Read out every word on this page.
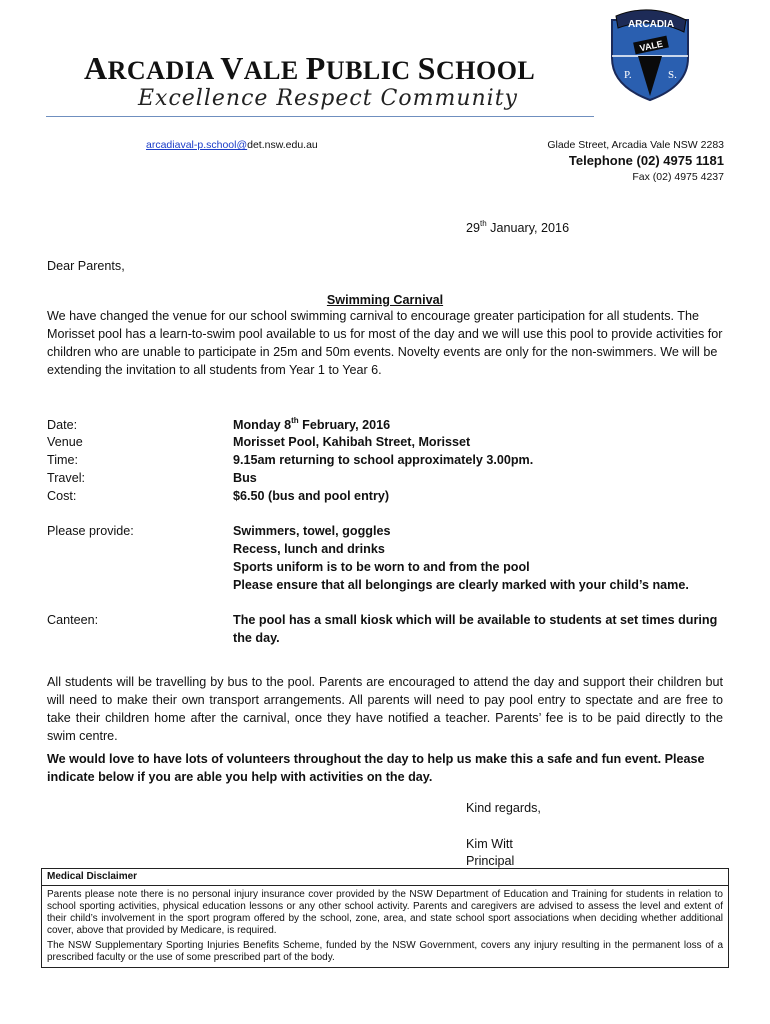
ARCADIA VALE PUBLIC SCHOOL
Excellence Respect Community
ARCADIA
VALE
P.	S.
arcadiaval-p.school@det.nsw.edu.au	Glade Street, Arcadia Vale NSW 2283
Telephone (02) 4975 1181
Fax (02) 4975 4237
29th January, 2016
Dear Parents,
Swimming Carnival
We have changed the venue for our school swimming carnival to encourage greater participation for all students. The Morisset pool has a learn-to-swim pool available to us for most of the day and we will use this pool to provide activities for children who are unable to participate in 25m and 50m events. Novelty events are only for the non-swimmers. We will be extending the invitation to all students from Year 1 to Year 6.
Date:	Monday 8th February, 2016
Venue	Morisset Pool, Kahibah Street, Morisset
Time:	9.15am returning to school approximately 3.00pm.
Travel:	Bus
Cost:	$6.50 (bus and pool entry)
Please provide:	Swimmers, towel, goggles
Recess, lunch and drinks
Sports uniform is to be worn to and from the pool
Please ensure that all belongings are clearly marked with your child’s name.
Canteen:	The pool has a small kiosk which will be available to students at set times during the day.
All students will be travelling by bus to the pool. Parents are encouraged to attend the day and support their children but will need to make their own transport arrangements. All parents will need to pay pool entry to spectate and are free to take their children home after the carnival, once they have notified a teacher. Parents’ fee is to be paid directly to the swim centre.
We would love to have lots of volunteers throughout the day to help us make this a safe and fun event. Please indicate below if you are able you help with activities on the day.
Kind regards,
Kim Witt
Principal
Medical Disclaimer
Parents please note there is no personal injury insurance cover provided by the NSW Department of Education and Training for students in relation to school sporting activities, physical education lessons or any other school activity. Parents and caregivers are advised to assess the level and extent of their child’s involvement in the sport program offered by the school, zone, area, and state school sport associations when deciding whether additional cover, above that provided by Medicare, is required.
The NSW Supplementary Sporting Injuries Benefits Scheme, funded by the NSW Government, covers any injury resulting in the permanent loss of a prescribed faculty or the use of some prescribed part of the body.
